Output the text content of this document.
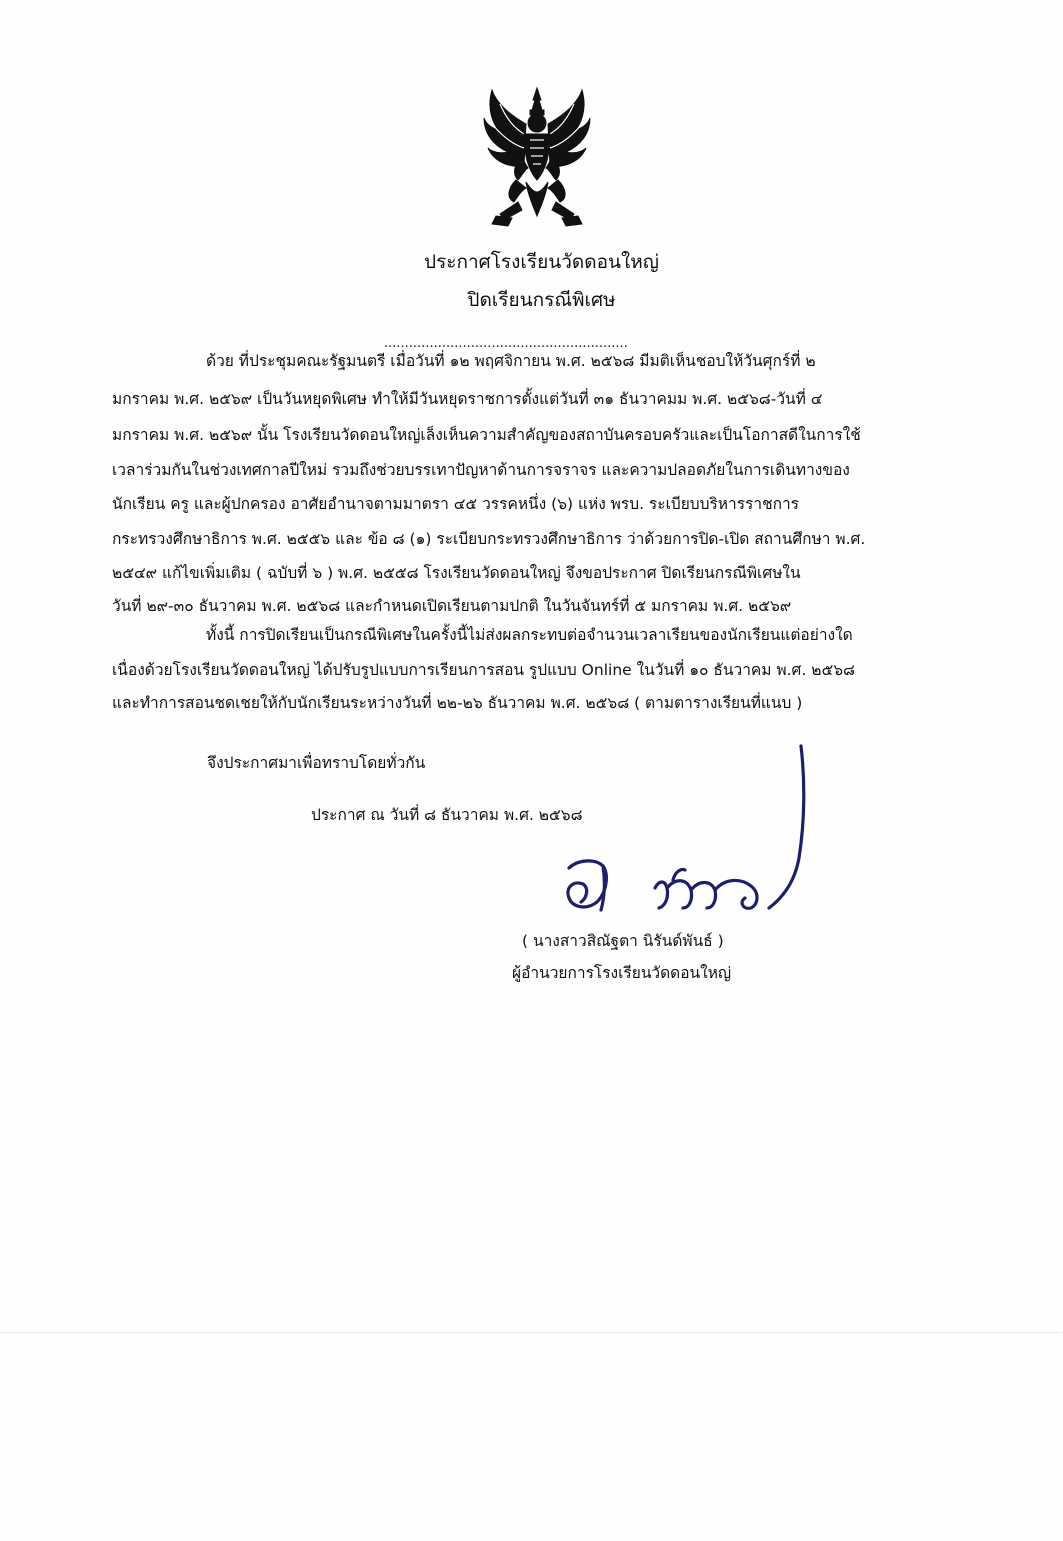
ประกาศโรงเรียนวัดดอนใหญ่
ปิดเรียนกรณีพิเศษ
...........................................................
ด้วย ที่ประชุมคณะรัฐมนตรี เมื่อวันที่ ๑๒ พฤศจิกายน พ.ศ. ๒๕๖๘ มีมติเห็นชอบให้วันศุกร์ที่ ๒
มกราคม พ.ศ. ๒๕๖๙ เป็นวันหยุดพิเศษ ทำให้มีวันหยุดราชการตั้งแต่วันที่ ๓๑ ธันวาคมม พ.ศ. ๒๕๖๘-วันที่ ๔
มกราคม พ.ศ. ๒๕๖๙ นั้น โรงเรียนวัดดอนใหญ่เล็งเห็นความสำคัญของสถาบันครอบครัวและเป็นโอกาสดีในการใช้
เวลาร่วมกันในช่วงเทศกาลปีใหม่ รวมถึงช่วยบรรเทาปัญหาด้านการจราจร และความปลอดภัยในการเดินทางของ
นักเรียน ครู และผู้ปกครอง อาศัยอำนาจตามมาตรา ๔๕ วรรคหนึ่ง (๖) แห่ง พรบ. ระเบียบบริหารราชการ
กระทรวงศึกษาธิการ พ.ศ. ๒๕๕๖ และ ข้อ ๘ (๑) ระเบียบกระทรวงศึกษาธิการ ว่าด้วยการปิด-เปิด สถานศึกษา พ.ศ.
๒๕๔๙ แก้ไขเพิ่มเติม ( ฉบับที่ ๖ ) พ.ศ. ๒๕๕๘ โรงเรียนวัดดอนใหญ่ จึงขอประกาศ ปิดเรียนกรณีพิเศษใน
วันที่ ๒๙-๓๐ ธันวาคม พ.ศ. ๒๕๖๘ และกำหนดเปิดเรียนตามปกติ ในวันจันทร์ที่ ๕ มกราคม พ.ศ. ๒๕๖๙
ทั้งนี้ การปิดเรียนเป็นกรณีพิเศษในครั้งนี้ไม่ส่งผลกระทบต่อจำนวนเวลาเรียนของนักเรียนแต่อย่างใด
เนื่องด้วยโรงเรียนวัดดอนใหญ่ ได้ปรับรูปแบบการเรียนการสอน รูปแบบ Online ในวันที่ ๑๐ ธันวาคม พ.ศ. ๒๕๖๘
และทำการสอนชดเชยให้กับนักเรียนระหว่างวันที่ ๒๒-๒๖ ธันวาคม พ.ศ. ๒๕๖๘ ( ตามตารางเรียนที่แนบ )
จึงประกาศมาเพื่อทราบโดยทั่วกัน
ประกาศ ณ วันที่ ๘ ธันวาคม พ.ศ. ๒๕๖๘
( นางสาวสิณัฐตา นิรันด์พันธ์ )
ผู้อำนวยการโรงเรียนวัดดอนใหญ่
